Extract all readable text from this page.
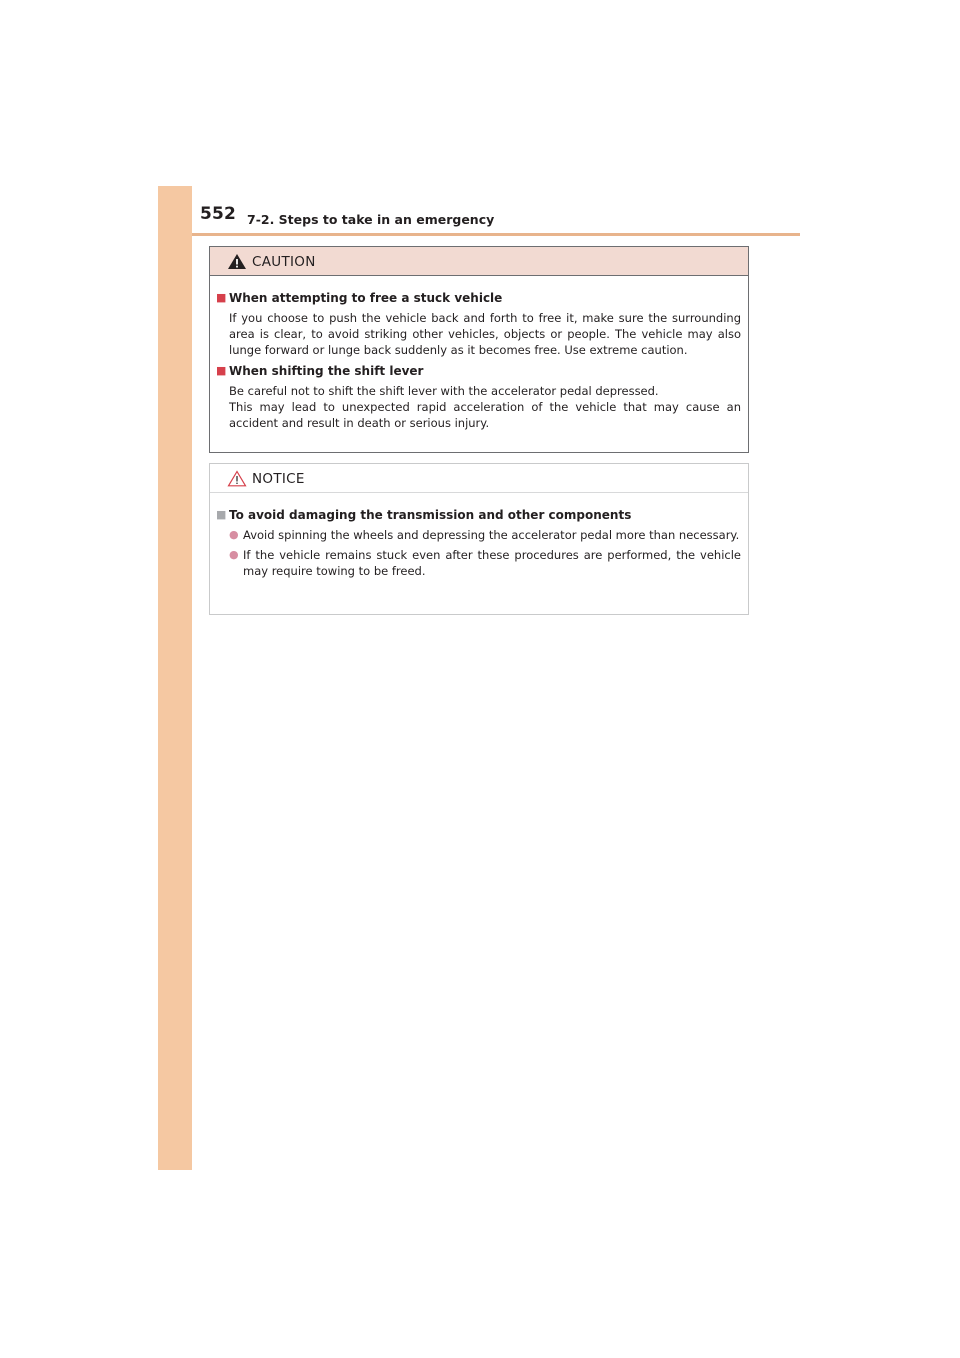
552 7-2. Steps to take in an emergency
CAUTION
■ When attempting to free a stuck vehicle
If you choose to push the vehicle back and forth to free it, make sure the surrounding area is clear, to avoid striking other vehicles, objects or people. The vehicle may also lunge forward or lunge back suddenly as it becomes free. Use extreme caution.
■ When shifting the shift lever
Be careful not to shift the shift lever with the accelerator pedal depressed.
This may lead to unexpected rapid acceleration of the vehicle that may cause an accident and result in death or serious injury.
NOTICE
■ To avoid damaging the transmission and other components
● Avoid spinning the wheels and depressing the accelerator pedal more than necessary.
● If the vehicle remains stuck even after these procedures are performed, the vehicle may require towing to be freed.
